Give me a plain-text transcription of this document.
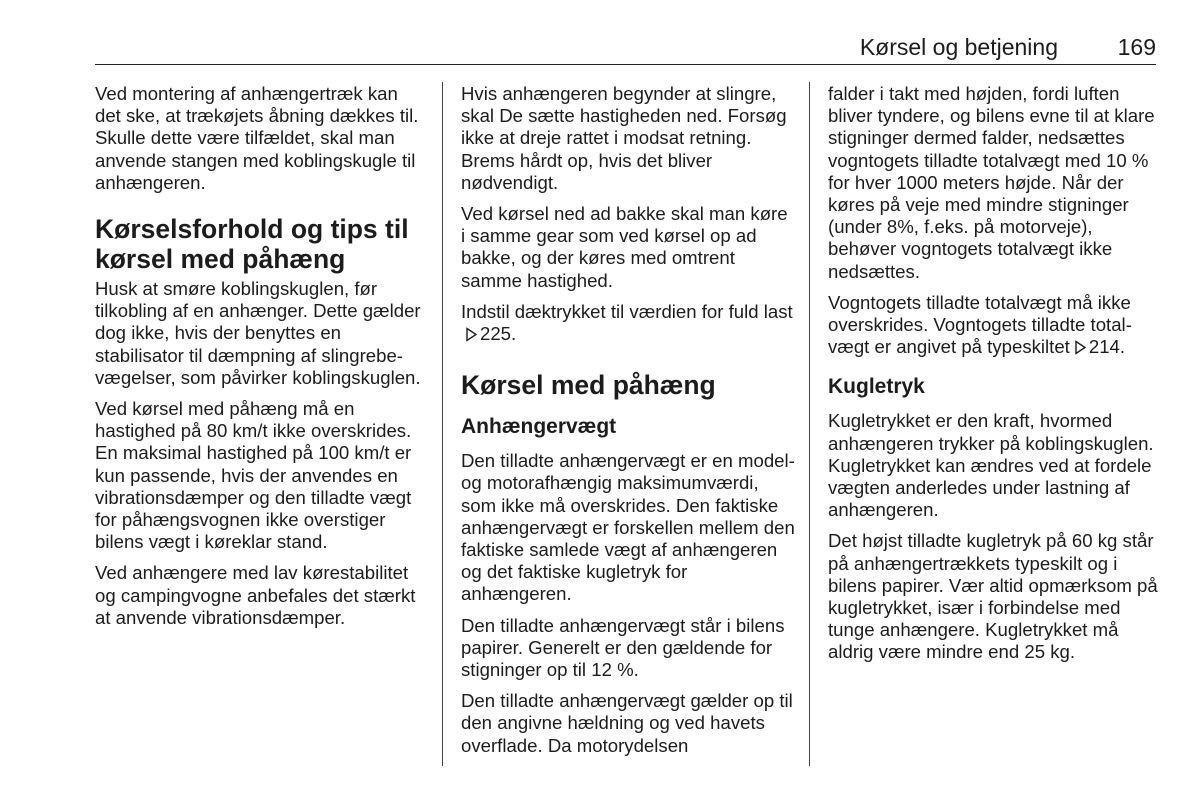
Kørsel og betjening	169

Ved montering af anhængertræk kan det ske, at trækøjets åbning dækkes til. Skulle dette være tilfældet, skal man anvende stangen med koblingskugle til anhængeren.

Kørselsforhold og tips til kørsel med påhæng

Husk at smøre koblingskuglen, før tilkobling af en anhænger. Dette gælder dog ikke, hvis der benyttes en stabilisator til dæmpning af slingrebevægelser, som påvirker koblingskuglen.

Ved kørsel med påhæng må en hastighed på 80 km/t ikke overskrides. En maksimal hastighed på 100 km/t er kun passende, hvis der anvendes en vibrationsdæmper og den tilladte vægt for påhængsvognen ikke overstiger bilens vægt i køreklar stand.

Ved anhængere med lav kørestabilitet og campingvogne anbefales det stærkt at anvende vibrationsdæmper.

Hvis anhængeren begynder at slingre, skal De sætte hastigheden ned. Forsøg ikke at dreje rattet i modsat retning. Brems hårdt op, hvis det bliver nødvendigt.

Ved kørsel ned ad bakke skal man køre i samme gear som ved kørsel op ad bakke, og der køres med omtrent samme hastighed.

Indstil dæktrykket til værdien for fuld last225.

Kørsel med påhæng
Anhængervægt

Den tilladte anhængervægt er en model- og motorafhængig maksimumværdi, som ikke må overskrides. Den faktiske anhængervægt er forskellen mellem den faktiske samlede vægt af anhængeren og det faktiske kugletryk for anhængeren.

Den tilladte anhængervægt står i bilens papirer. Generelt er den gældende for stigninger op til 12 %.

Den tilladte anhængervægt gælder op til den angivne hældning og ved havets overflade. Da motorydelsen

falder i takt med højden, fordi luften bliver tyndere, og bilens evne til at klare stigninger dermed falder, nedsættes vogntogets tilladte totalvægt med 10 % for hver 1000 meters højde. Når der køres på veje med mindre stigninger (under 8%, f.eks. på motorveje), behøver vogntogets totalvægt ikke nedsættes.

Vogntogets tilladte totalvægt må ikke overskrides. Vogntogets tilladte totalvægt er angivet på typeskiltet 214.

Kugletryk

Kugletrykket er den kraft, hvormed anhængeren trykker på koblingskuglen. Kugletrykket kan ændres ved at fordele vægten anderledes under lastning af anhængeren.

Det højst tilladte kugletryk på 60 kg står på anhængertrækkets typeskilt og i bilens papirer. Vær altid opmærksom på kugletrykket, især i forbindelse med tunge anhængere. Kugletrykket må aldrig være mindre end 25 kg.
